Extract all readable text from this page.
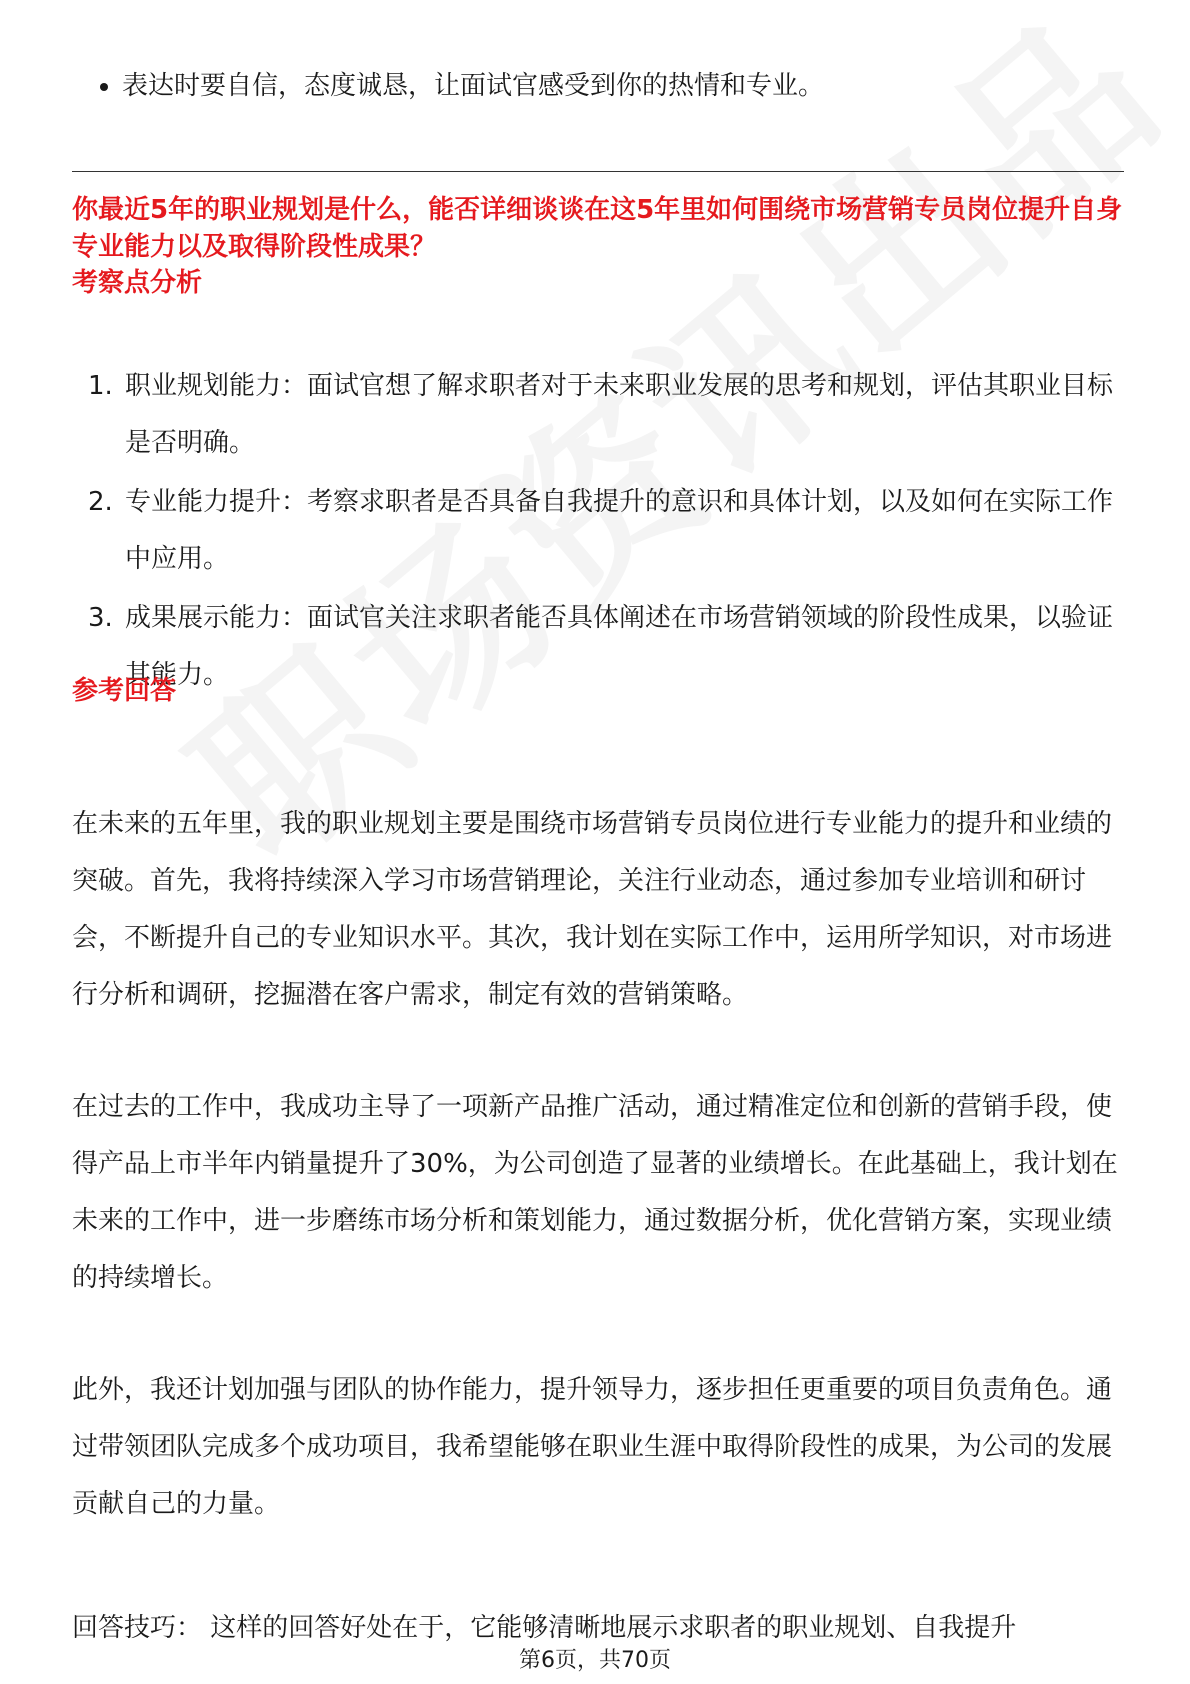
• 表达时要自信，态度诚恳，让面试官感受到你的热情和专业。

你最近5年的职业规划是什么，能否详细谈谈在这5年里如何围绕市场营销专员岗位提升自身专业能力以及取得阶段性成果？

考察点分析
1. 职业规划能力：面试官想了解求职者对于未来职业发展的思考和规划，评估其职业目标是否明确。
2. 专业能力提升：考察求职者是否具备自我提升的意识和具体计划，以及如何在实际工作中应用。
3. 成果展示能力：面试官关注求职者能否具体阐述在市场营销领域的阶段性成果，以验证其能力。
参考回答

在未来的五年里，我的职业规划主要是围绕市场营销专员岗位进行专业能力的提升和业绩的突破。首先，我将持续深入学习市场营销理论，关注行业动态，通过参加专业培训和研讨会，不断提升自己的专业知识水平。其次，我计划在实际工作中，运用所学知识，对市场进行分析和调研，挖掘潜在客户需求，制定有效的营销策略。

在过去的工作中，我成功主导了一项新产品推广活动，通过精准定位和创新的营销手段，使得产品上市半年内销量提升了30%，为公司创造了显著的业绩增长。在此基础上，我计划在未来的工作中，进一步磨练市场分析和策划能力，通过数据分析，优化营销方案，实现业绩的持续增长。

此外，我还计划加强与团队的协作能力，提升领导力，逐步担任更重要的项目负责角色。通过带领团队完成多个成功项目，我希望能够在职业生涯中取得阶段性的成果，为公司的发展贡献自己的力量。

回答技巧： 这样的回答好处在于，它能够清晰地展示求职者的职业规划、自我提升
第6页，共70页
